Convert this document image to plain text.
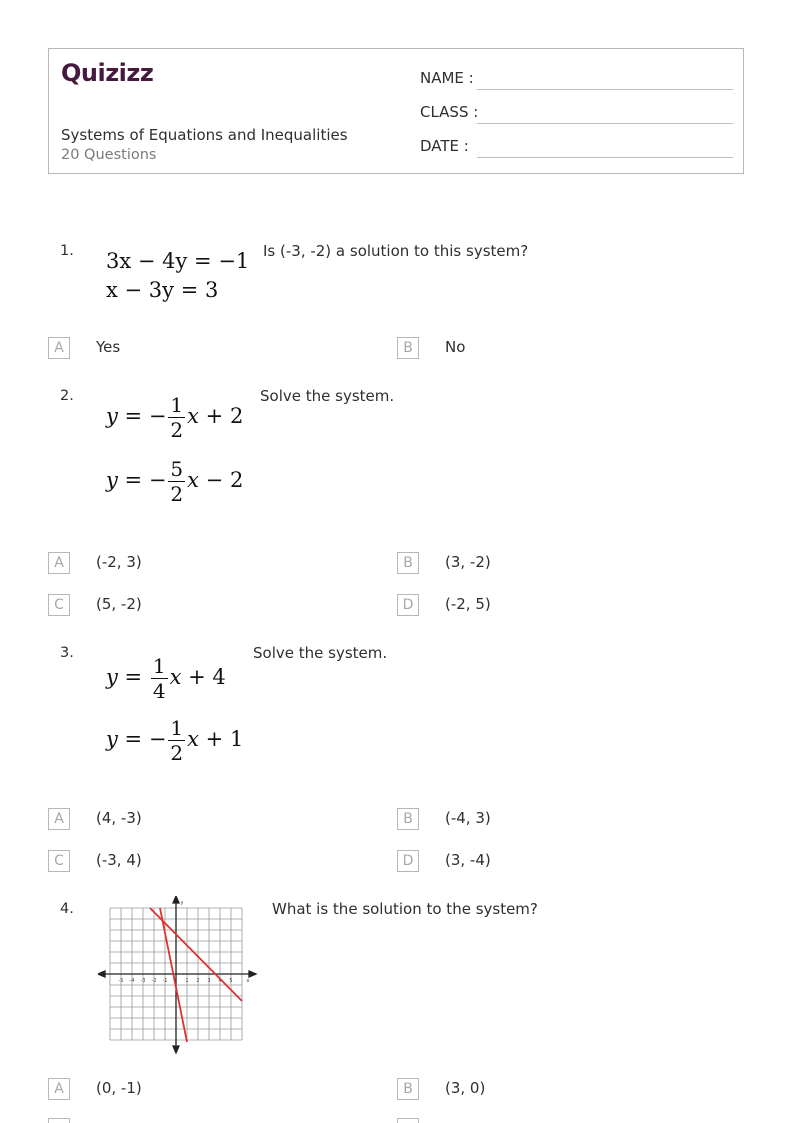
Quizizz
Systems of Equations and Inequalities
20 Questions
NAME :
CLASS :
DATE :
1. 3x − 4y = −1
x − 3y = 3
Is (-3, -2) a solution to this system?
A	Yes	B	No
2.	Solve the system.
y = − $\frac{1}{2}$ x + 2
y = − $\frac{5}{2}$ x − 2
A	(-2, 3)	B	(3, -2)
C	(5, -2)	D	(-2, 5)
3.	Solve the system.
$y = \frac{1}{4}$ x + 4
y = − $\frac{1}{2}$ x + 1
A	(4, -3)	B	(-4, 3)
C	(-3, 4)	D	(3, -4)
4.	What is the solution to the system?
-5 -4 -3 -2 -1	1 2 3 4 5	x
y
A	(0, -1)	B	(3, 0)
